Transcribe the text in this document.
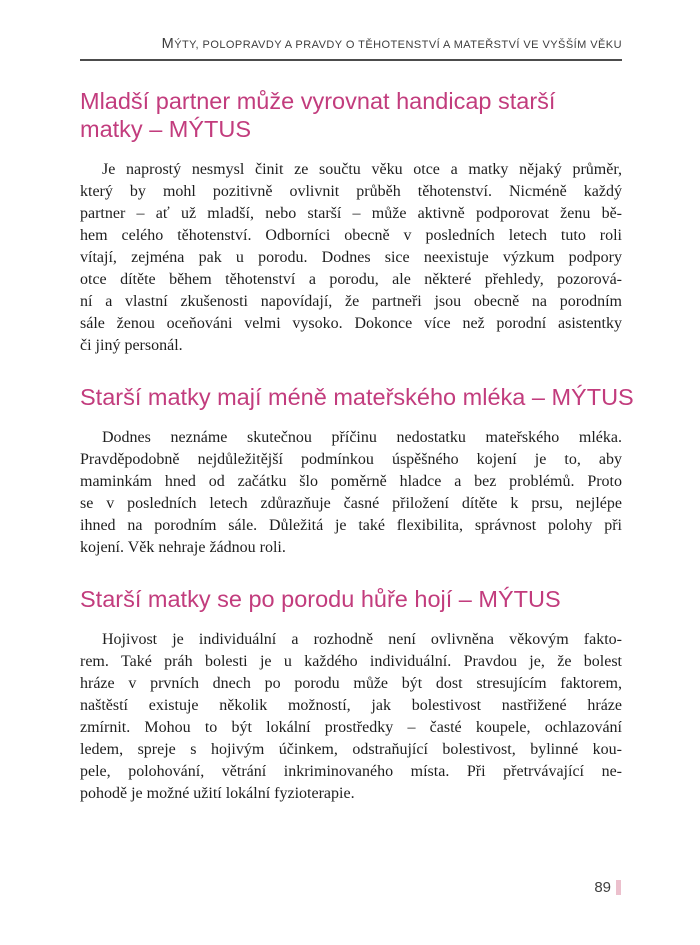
MÝTY, POLOPRAVDY A PRAVDY O TĚHOTENSTVÍ A MATEŘSTVÍ VE VYŠŠÍM VĚKU
Mladší partner může vyrovnat handicap starší
matky – MÝTUS
Je naprostý nesmysl činit ze součtu věku otce a matky nějaký průměr,
který by mohl pozitivně ovlivnit průběh těhotenství. Nicméně každý
partner – ať už mladší, nebo starší – může aktivně podporovat ženu bě-
hem celého těhotenství. Odborníci obecně v posledních letech tuto roli
vítají, zejména pak u porodu. Dodnes sice neexistuje výzkum podpory
otce dítěte během těhotenství a porodu, ale některé přehledy, pozorová-
ní a vlastní zkušenosti napovídají, že partneři jsou obecně na porodním
sále ženou oceňováni velmi vysoko. Dokonce více než porodní asistentky
či jiný personál.
Starší matky mají méně mateřského mléka – MÝTUS
Dodnes neznáme skutečnou příčinu nedostatku mateřského mléka.
Pravděpodobně nejdůležitější podmínkou úspěšného kojení je to, aby
maminkám hned od začátku šlo poměrně hladce a bez problémů. Proto
se v posledních letech zdůrazňuje časné přiložení dítěte k prsu, nejlépe
ihned na porodním sále. Důležitá je také flexibilita, správnost polohy při
kojení. Věk nehraje žádnou roli.
Starší matky se po porodu hůře hojí – MÝTUS
Hojivost je individuální a rozhodně není ovlivněna věkovým fakto-
rem. Také práh bolesti je u každého individuální. Pravdou je, že bolest
hráze v prvních dnech po porodu může být dost stresujícím faktorem,
naštěstí existuje několik možností, jak bolestivost nastřižené hráze
zmírnit. Mohou to být lokální prostředky – časté koupele, ochlazování
ledem, spreje s hojivým účinkem, odstraňující bolestivost, bylinné kou-
pele, polohování, větrání inkriminovaného místa. Při přetrvávající ne-
pohodě je možné užití lokální fyzioterapie.
89
